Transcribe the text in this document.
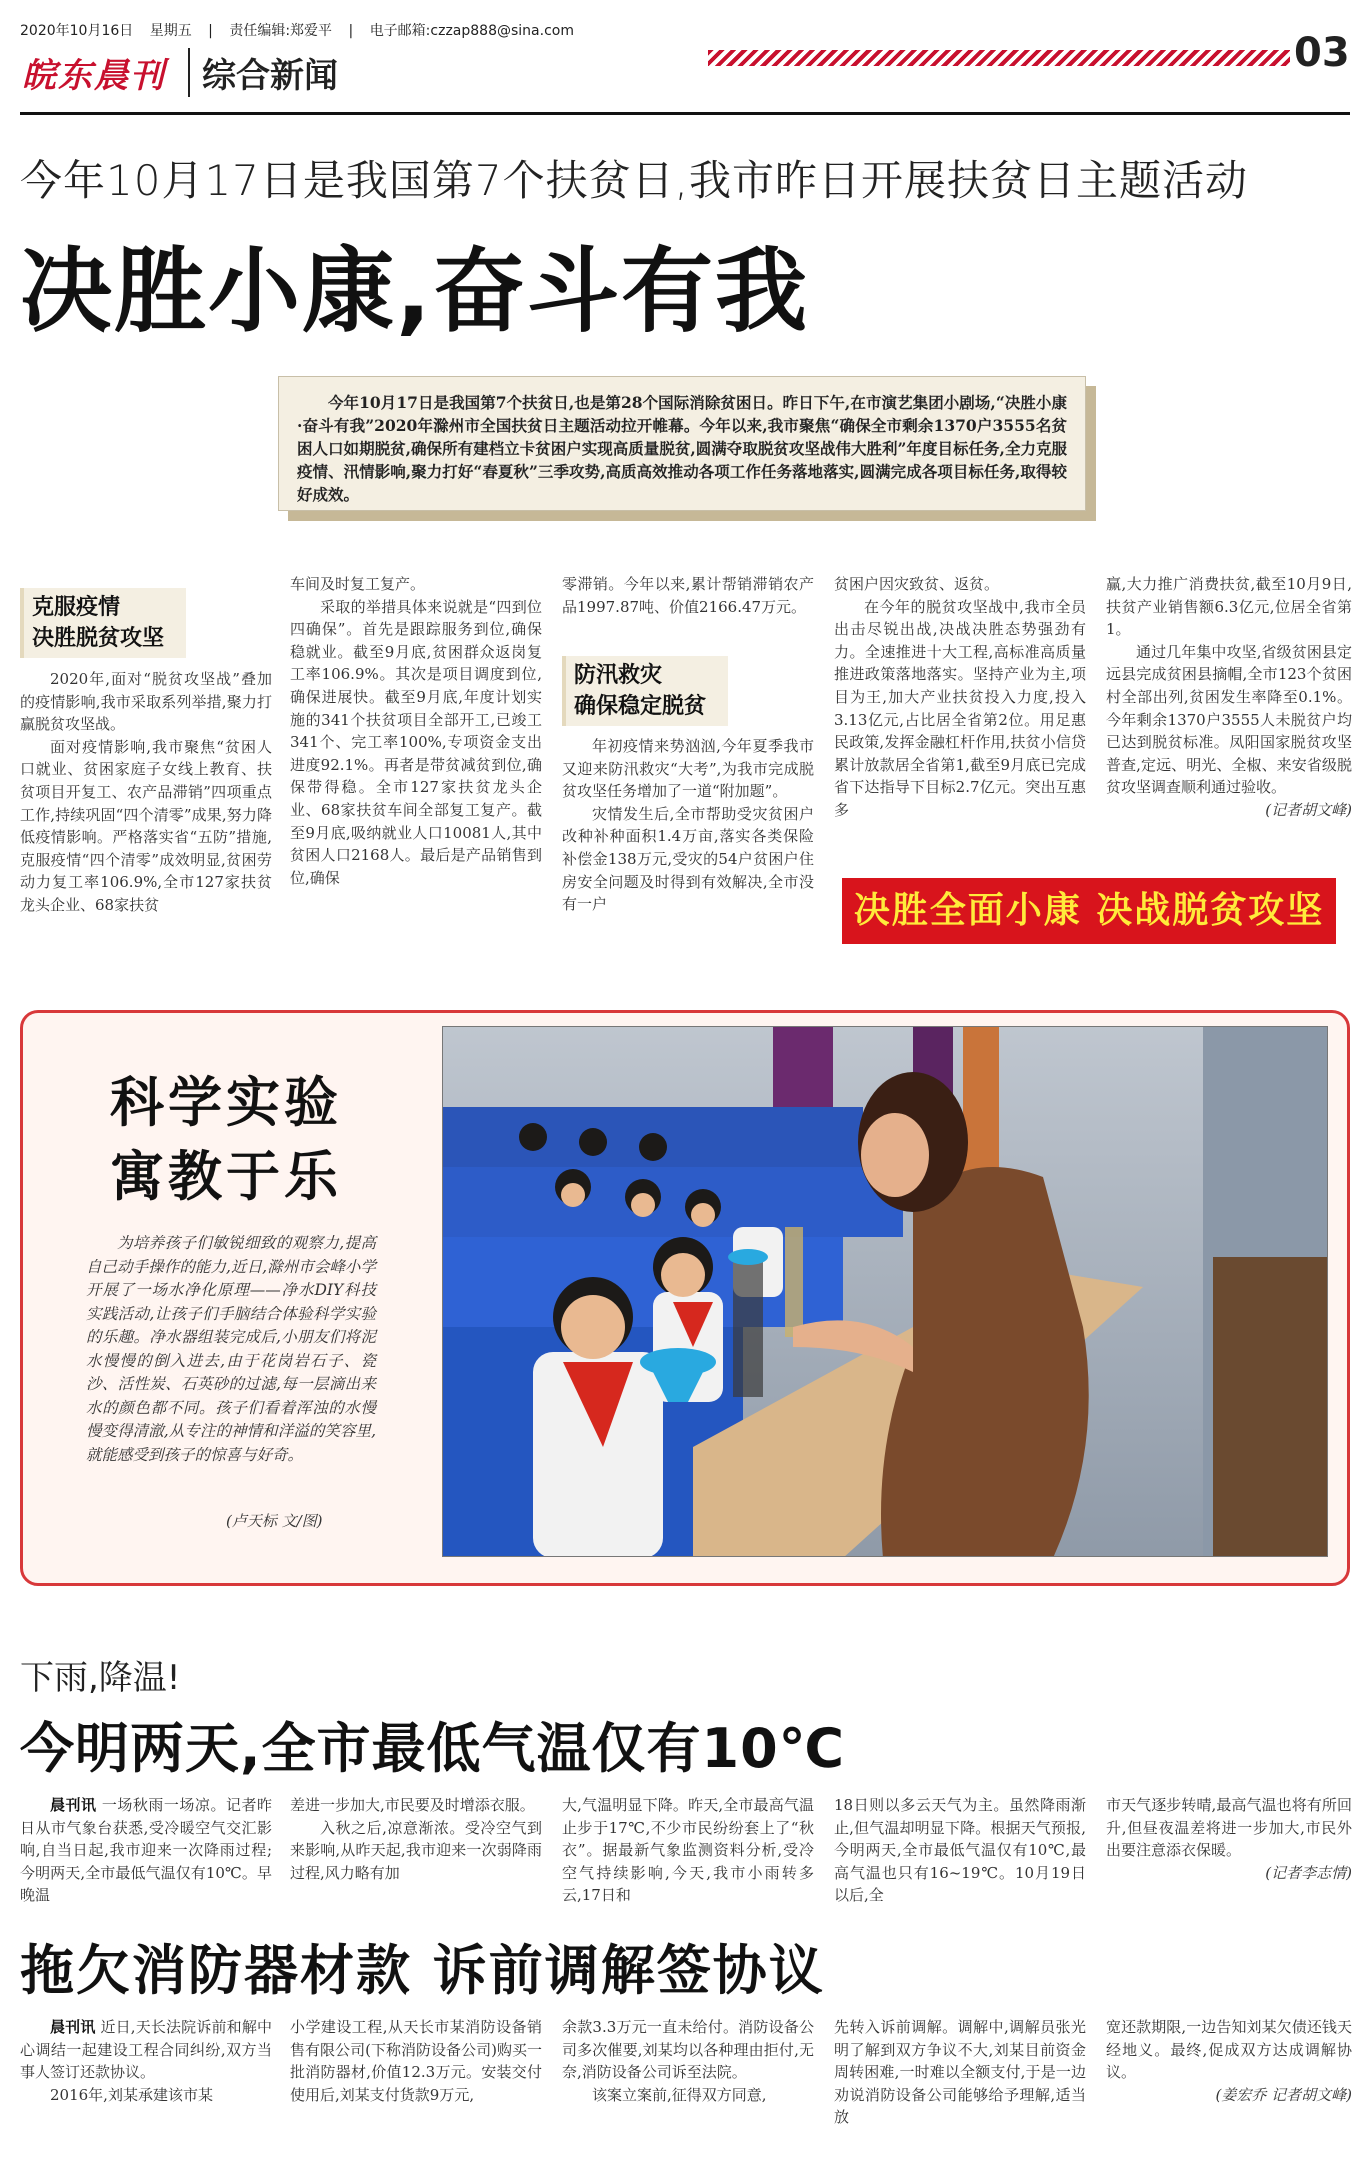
2020年10月16日 星期五 | 责任编辑:郑爱平 | 电子邮箱:czzap888@sina.com
皖东晨刊	综合新闻	03
今年10月17日是我国第7个扶贫日,我市昨日开展扶贫日主题活动
决胜小康,奋斗有我
今年10月17日是我国第7个扶贫日,也是第28个国际消除贫困日。昨日下午,在市演艺集团小剧场,“决胜小康·奋斗有我”2020年滁州市全国扶贫日主题活动拉开帷幕。今年以来,我市聚焦“确保全市剩余1370户3555名贫困人口如期脱贫,确保所有建档立卡贫困户实现高质量脱贫,圆满夺取脱贫攻坚战伟大胜利”年度目标任务,全力克服疫情、汛情影响,聚力打好“春夏秋”三季攻势,高质高效推动各项工作任务落地落实,圆满完成各项目标任务,取得较好成效。
克服疫情
决胜脱贫攻坚

2020年,面对“脱贫攻坚战”叠加的疫情影响,我市采取系列举措,聚力打赢脱贫攻坚战。

面对疫情影响,我市聚焦“贫困人口就业、贫困家庭子女线上教育、扶贫项目开复工、农产品滞销”四项重点工作,持续巩固“四个清零”成果,努力降低疫情影响。严格落实省“五防”措施,克服疫情“四个清零”成效明显,贫困劳动力复工率106.9%,全市127家扶贫龙头企业、68家扶贫

车间及时复工复产。

采取的举措具体来说就是“四到位四确保”。首先是跟踪服务到位,确保稳就业。截至9月底,贫困群众返岗复工率106.9%。其次是项目调度到位,确保进展快。截至9月底,年度计划实施的341个扶贫项目全部开工,已竣工341个、完工率100%,专项资金支出进度92.1%。再者是带贫减贫到位,确保带得稳。全市127家扶贫龙头企业、68家扶贫车间全部复工复产。截至9月底,吸纳就业人口10081人,其中贫困人口2168人。最后是产品销售到位,确保

零滞销。今年以来,累计帮销滞销农产品1997.87吨、价值2166.47万元。

防汛救灾
确保稳定脱贫

年初疫情来势汹汹,今年夏季我市又迎来防汛救灾“大考”,为我市完成脱贫攻坚任务增加了一道“附加题”。

灾情发生后,全市帮助受灾贫困户改种补种面积1.4万亩,落实各类保险补偿金138万元,受灾的54户贫困户住房安全问题及时得到有效解决,全市没有一户

贫困户因灾致贫、返贫。

在今年的脱贫攻坚战中,我市全员出击尽锐出战,决战决胜态势强劲有力。全速推进十大工程,高标准高质量推进政策落地落实。坚持产业为主,项目为王,加大产业扶贫投入力度,投入3.13亿元,占比居全省第2位。用足惠民政策,发挥金融杠杆作用,扶贫小信贷累计放款居全省第1,截至9月底已完成省下达指导下目标2.7亿元。突出互惠多

赢,大力推广消费扶贫,截至10月9日,扶贫产业销售额6.3亿元,位居全省第1。

通过几年集中攻坚,省级贫困县定远县完成贫困县摘帽,全市123个贫困村全部出列,贫困发生率降至0.1%。今年剩余1370户3555人未脱贫户均已达到脱贫标准。凤阳国家脱贫攻坚普查,定远、明光、全椒、来安省级脱贫攻坚调查顺利通过验收。

(记者胡文峰)

决胜全面小康 决战脱贫攻坚
科学实验
寓教于乐
为培养孩子们敏锐细致的观察力,提高自己动手操作的能力,近日,滁州市会峰小学开展了一场水净化原理——净水DIY科技实践活动,让孩子们手脑结合体验科学实验的乐趣。净水器组装完成后,小朋友们将泥水慢慢的倒入进去,由于花岗岩石子、瓷沙、活性炭、石英砂的过滤,每一层滴出来水的颜色都不同。孩子们看着浑浊的水慢慢变得清澈,从专注的神情和洋溢的笑容里,就能感受到孩子的惊喜与好奇。
(卢天标 文/图)
下雨,降温!
今明两天,全市最低气温仅有10℃

晨刊讯 一场秋雨一场凉。记者昨日从市气象台获悉,受冷暖空气交汇影响,自当日起,我市迎来一次降雨过程;今明两天,全市最低气温仅有10℃。早晚温

差进一步加大,市民要及时增添衣服。

入秋之后,凉意渐浓。受冷空气到来影响,从昨天起,我市迎来一次弱降雨过程,风力略有加

大,气温明显下降。昨天,全市最高气温止步于17℃,不少市民纷纷套上了“秋衣”。据最新气象监测资料分析,受冷空气持续影响,今天,我市小雨转多云,17日和

18日则以多云天气为主。虽然降雨渐止,但气温却明显下降。根据天气预报,今明两天,全市最低气温仅有10℃,最高气温也只有16~19℃。10月19日以后,全

市天气逐步转晴,最高气温也将有所回升,但昼夜温差将进一步加大,市民外出要注意添衣保暖。

(记者李志情)

拖欠消防器材款 诉前调解签协议

晨刊讯 近日,天长法院诉前和解中心调结一起建设工程合同纠纷,双方当事人签订还款协议。

2016年,刘某承建该市某

小学建设工程,从天长市某消防设备销售有限公司(下称消防设备公司)购买一批消防器材,价值12.3万元。安装交付使用后,刘某支付货款9万元,

余款3.3万元一直未给付。消防设备公司多次催要,刘某均以各种理由拒付,无奈,消防设备公司诉至法院。

该案立案前,征得双方同意,

先转入诉前调解。调解中,调解员张光明了解到双方争议不大,刘某目前资金周转困难,一时难以全额支付,于是一边劝说消防设备公司能够给予理解,适当放

宽还款期限,一边告知刘某欠债还钱天经地义。最终,促成双方达成调解协议。

(姜宏乔 记者胡文峰)
